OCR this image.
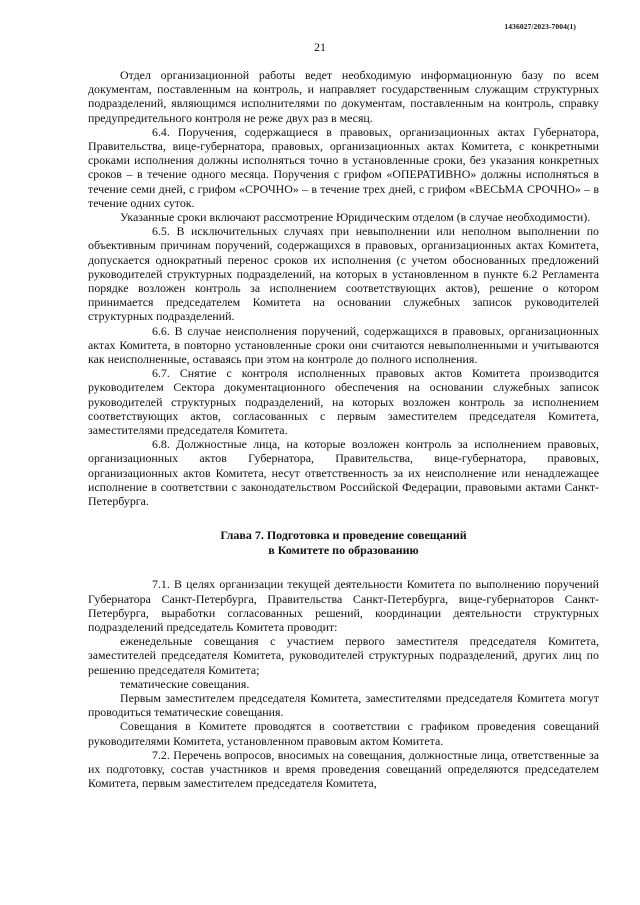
1436027/2023-7004(1)
21

Отдел организационной работы ведет необходимую информационную базу по всем документам, поставленным на контроль, и направляет государственным служащим структурных подразделений, являющимся исполнителями по документам, поставленным на контроль, справку предупредительного контроля не реже двух раз в месяц.

6.4. Поручения, содержащиеся в правовых, организационных актах Губернатора, Правительства, вице-губернатора, правовых, организационных актах Комитета, с конкретными сроками исполнения должны исполняться точно в установленные сроки, без указания конкретных сроков – в течение одного месяца. Поручения с грифом «ОПЕРАТИВНО» должны исполняться в течение семи дней, с грифом «СРОЧНО» – в течение трех дней, с грифом «ВЕСЬМА СРОЧНО» – в течение одних суток.

Указанные сроки включают рассмотрение Юридическим отделом (в случае необходимости).

6.5. В исключительных случаях при невыполнении или неполном выполнении по объективным причинам поручений, содержащихся в правовых, организационных актах Комитета, допускается однократный перенос сроков их исполнения (с учетом обоснованных предложений руководителей структурных подразделений, на которых в установленном в пункте 6.2 Регламента порядке возложен контроль за исполнением соответствующих актов), решение о котором принимается председателем Комитета на основании служебных записок руководителей структурных подразделений.

6.6. В случае неисполнения поручений, содержащихся в правовых, организационных актах Комитета, в повторно установленные сроки они считаются невыполненными и учитываются как неисполненные, оставаясь при этом на контроле до полного исполнения.

6.7. Снятие с контроля исполненных правовых актов Комитета производится руководителем Сектора документационного обеспечения на основании служебных записок руководителей структурных подразделений, на которых возложен контроль за исполнением соответствующих актов, согласованных с первым заместителем председателя Комитета, заместителями председателя Комитета.

6.8. Должностные лица, на которые возложен контроль за исполнением правовых, организационных актов Губернатора, Правительства, вице-губернатора, правовых, организационных актов Комитета, несут ответственность за их неисполнение или ненадлежащее исполнение в соответствии с законодательством Российской Федерации, правовыми актами Санкт-Петербурга.

Глава 7. Подготовка и проведение совещаний
в Комитете по образованию

7.1. В целях организации текущей деятельности Комитета по выполнению поручений Губернатора Санкт-Петербурга, Правительства Санкт-Петербурга, вице-губернаторов Санкт-Петербурга, выработки согласованных решений, координации деятельности структурных подразделений председатель Комитета проводит:

еженедельные совещания с участием первого заместителя председателя Комитета, заместителей председателя Комитета, руководителей структурных подразделений, других лиц по решению председателя Комитета;

тематические совещания.

Первым заместителем председателя Комитета, заместителями председателя Комитета могут проводиться тематические совещания.

Совещания в Комитете проводятся в соответствии с графиком проведения совещаний руководителями Комитета, установленном правовым актом Комитета.

7.2. Перечень вопросов, вносимых на совещания, должностные лица, ответственные за их подготовку, состав участников и время проведения совещаний определяются председателем Комитета, первым заместителем председателя Комитета,
